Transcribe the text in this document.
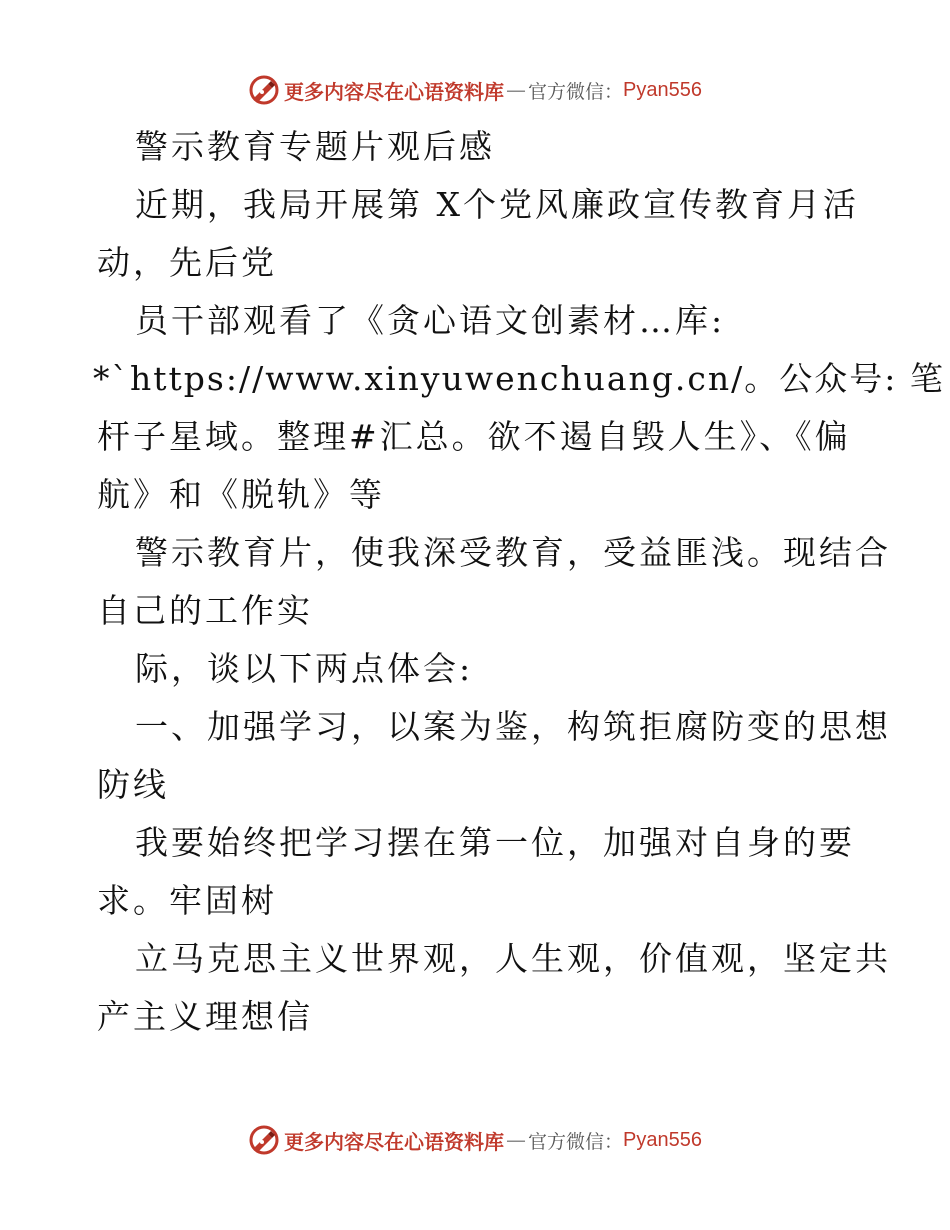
更多内容尽在心语资料库 — 官方微信： Pyan556
警示教育专题片观后感
近期，我局开展第 X个党风廉政宣传教育月活
动，先后党
员干部观看了《贪心语文创素材…库:
*`https://www.xinyuwenchuang.cn/。公众号: 笔
杆子星域。整理#汇总。欲不遏自毁人生》、《偏
航》和《脱轨》等
警示教育片，使我深受教育，受益匪浅。现结合
自己的工作实
际，谈以下两点体会:
一、加强学习，以案为鉴，构筑拒腐防变的思想
防线
我要始终把学习摆在第一位，加强对自身的要
求。牢固树
立马克思主义世界观，人生观，价值观，坚定共
产主义理想信
更多内容尽在心语资料库 — 官方微信： Pyan556
